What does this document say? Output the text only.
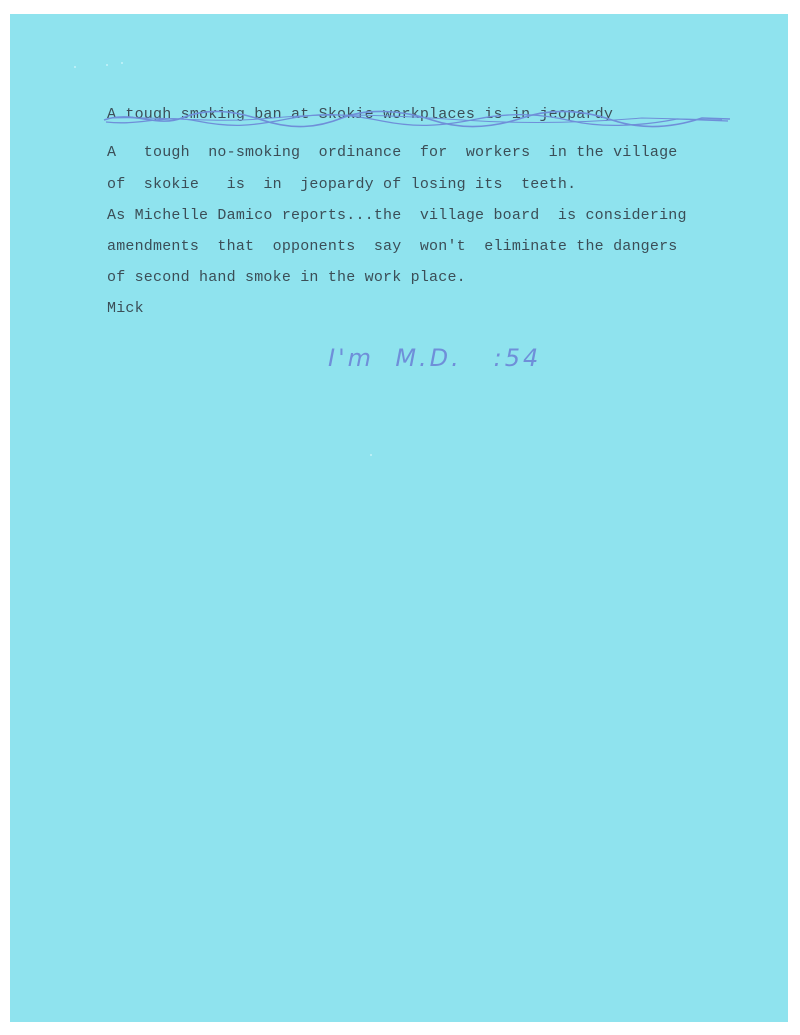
A tough smoking ban at Skokie workplaces is in jeopardy

A   tough  no-smoking  ordinance  for  workers  in the village

of  skokie   is  in  jeopardy of losing its  teeth.

As Michelle Damico reports...the  village board  is considering

amendments  that  opponents  say  won't  eliminate the dangers

of second hand smoke in the work place.

Mick

I'm  M.D.   :54
